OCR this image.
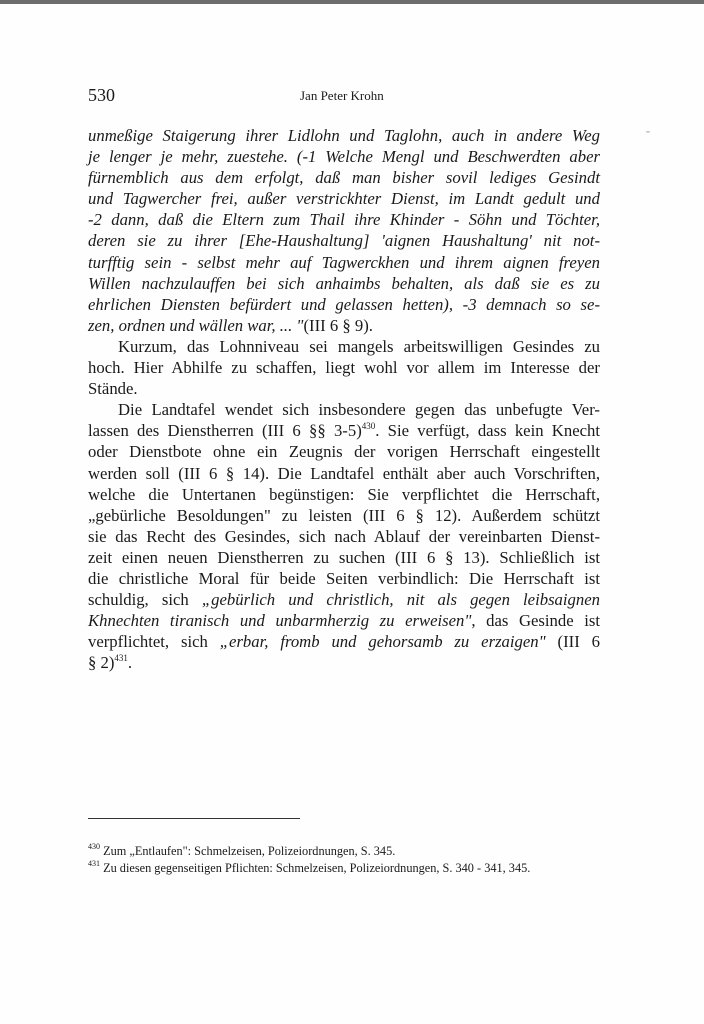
530	Jan Peter Krohn
˘
unmeßige Staigerung ihrer Lidlohn und Taglohn, auch in andere Weg
je lenger je mehr, zuestehe. (-1 Welche Mengl und Beschwerdten aber
fürnemblich aus dem erfolgt, daß man bisher sovil lediges Gesindt
und Tagwercher frei, außer verstrickhter Dienst, im Landt gedult und
-2 dann, daß die Eltern zum Thail ihre Khinder - Söhn und Töchter,
deren sie zu ihrer [Ehe-Haushaltung] 'aignen Haushaltung' nit not-
turfftig sein - selbst mehr auf Tagwerckhen und ihrem aignen freyen
Willen nachzulauffen bei sich anhaimbs behalten, als daß sie es zu
ehrlichen Diensten befürdert und gelassen hetten), -3 demnach so se-
zen, ordnen und wällen war, ... "(III 6 § 9).
Kurzum, das Lohnniveau sei mangels arbeitswilligen Gesindes zu
hoch. Hier Abhilfe zu schaffen, liegt wohl vor allem im Interesse der
Stände.
Die Landtafel wendet sich insbesondere gegen das unbefugte Ver-
lassen des Dienstherren (III 6 §§ 3-5)$^{430}$. Sie verfügt, dass kein Knecht
oder Dienstbote ohne ein Zeugnis der vorigen Herrschaft eingestellt
werden soll (III 6 § 14). Die Landtafel enthält aber auch Vorschriften,
welche die Untertanen begünstigen: Sie verpflichtet die Herrschaft,
„gebürliche Besoldungen" zu leisten (III 6 § 12). Außerdem schützt
sie das Recht des Gesindes, sich nach Ablauf der vereinbarten Dienst-
zeit einen neuen Dienstherren zu suchen (III 6 § 13). Schließlich ist
die christliche Moral für beide Seiten verbindlich: Die Herrschaft ist
schuldig, sich „gebürlich und christlich, nit als gegen leibsaignen
Khnechten tiranisch und unbarmherzig zu erweisen", das Gesinde ist
verpflichtet, sich „erbar, fromb und gehorsamb zu erzaigen" (III 6
§ 2)$^{431}$.
$^{430}$ Zum „Entlaufen": Schmelzeisen, Polizeiordnungen, S. 345.
$^{431}$ Zu diesen gegenseitigen Pflichten: Schmelzeisen, Polizeiordnungen, S. 340 - 341, 345.
